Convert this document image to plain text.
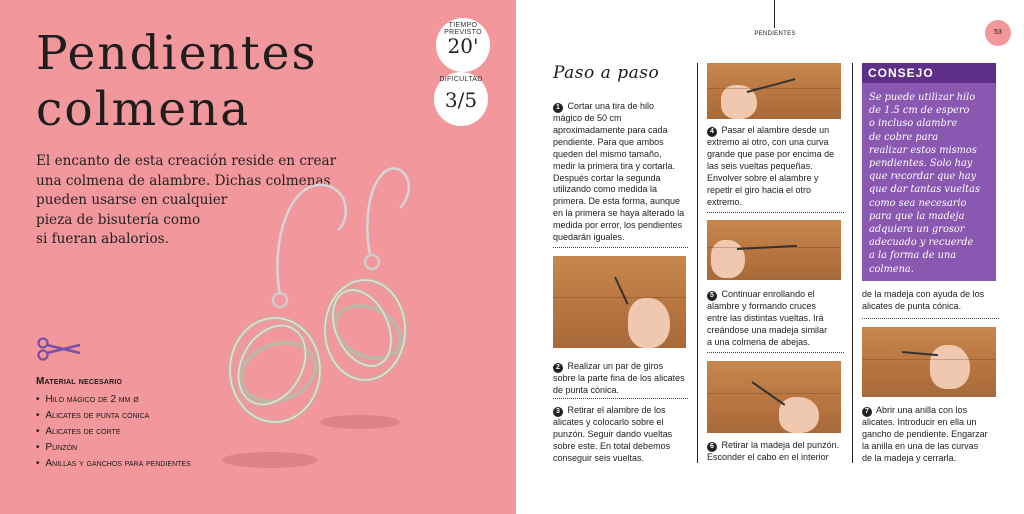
Pendientes
colmena
TIEMPO PREVISTO
20'
DIFICULTAD
3/5
El encanto de esta creación reside en crear
una colmena de alambre. Dichas colmenas
pueden usarse en cualquier
pieza de bisutería como
si fueran abalorios.
Material necesario
• Hilo mágico de 2 mm ø
• Alicates de punta cónica
• Alicates de corte
• Punzón
• Anillas y ganchos para pendientes
PENDIENTES	53
Paso a paso
1 Cortar una tira de hilo
mágico de 50 cm
aproximadamente para cada
pendiente. Para que ambos
queden del mismo tamaño,
medir la primera tira y cortarla.
Después cortar la segunda
utilizando como medida la
primera. De esta forma, aunque
en la primera se haya alterado la
medida por error, los pendientes
quedarán iguales.
2 Realizar un par de giros
sobre la parte fina de los alicates
de punta cónica.
3 Retirar el alambre de los
alicates y colocarlo sobre el
punzón. Seguir dando vueltas
sobre este. En total debemos
conseguir seis vueltas.
4 Pasar el alambre desde un
extremo al otro, con una curva
grande que pase por encima de
las seis vueltas pequeñas.
Envolver sobre el alambre y
repetir el giro hacia el otro
extremo.
5 Continuar enrollando el
alambre y formando cruces
entre las distintas vueltas. Irá
creándose una madeja similar
a una colmena de abejas.
6 Retirar la madeja del punzón.
Esconder el cabo en el interior
CONSEJO
Se puede utilizar hilo
de 1.5 cm de espero
o incluso alambre
de cobre para
realizar estos mismos
pendientes. Solo hay
que recordar que hay
que dar tantas vueltas
como sea necesario
para que la madeja
adquiera un grosor
adecuado y recuerde
a la forma de una
colmena.
de la madeja con ayuda de los
alicates de punta cónica.
7 Abrir una anilla con los
alicates. Introducir en ella un
gancho de pendiente. Engarzar
la anilla en una de las curvas
de la madeja y cerrarla.
